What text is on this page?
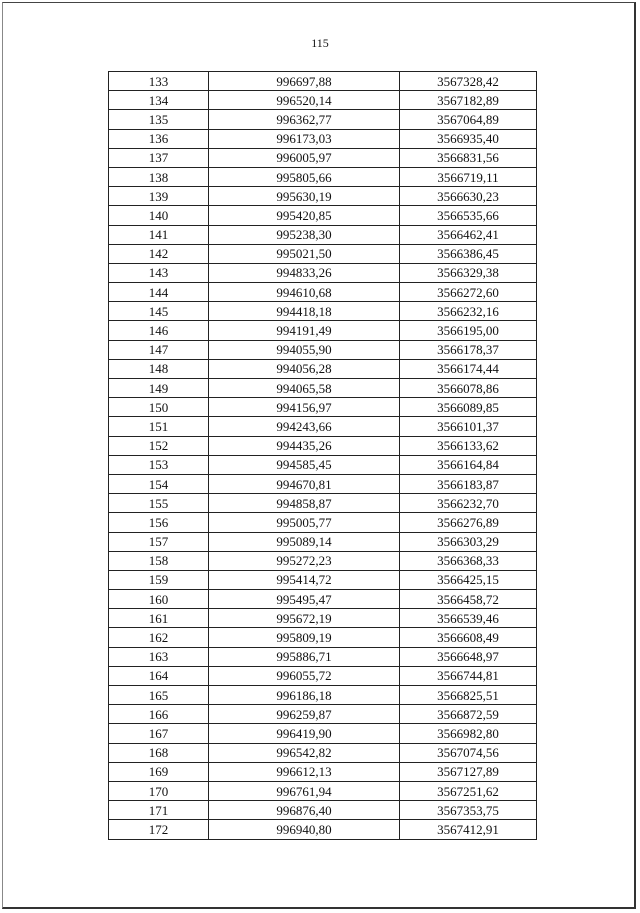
115
133	996697,88	3567328,42
134	996520,14	3567182,89
135	996362,77	3567064,89
136	996173,03	3566935,40
137	996005,97	3566831,56
138	995805,66	3566719,11
139	995630,19	3566630,23
140	995420,85	3566535,66
141	995238,30	3566462,41
142	995021,50	3566386,45
143	994833,26	3566329,38
144	994610,68	3566272,60
145	994418,18	3566232,16
146	994191,49	3566195,00
147	994055,90	3566178,37
148	994056,28	3566174,44
149	994065,58	3566078,86
150	994156,97	3566089,85
151	994243,66	3566101,37
152	994435,26	3566133,62
153	994585,45	3566164,84
154	994670,81	3566183,87
155	994858,87	3566232,70
156	995005,77	3566276,89
157	995089,14	3566303,29
158	995272,23	3566368,33
159	995414,72	3566425,15
160	995495,47	3566458,72
161	995672,19	3566539,46
162	995809,19	3566608,49
163	995886,71	3566648,97
164	996055,72	3566744,81
165	996186,18	3566825,51
166	996259,87	3566872,59
167	996419,90	3566982,80
168	996542,82	3567074,56
169	996612,13	3567127,89
170	996761,94	3567251,62
171	996876,40	3567353,75
172	996940,80	3567412,91
